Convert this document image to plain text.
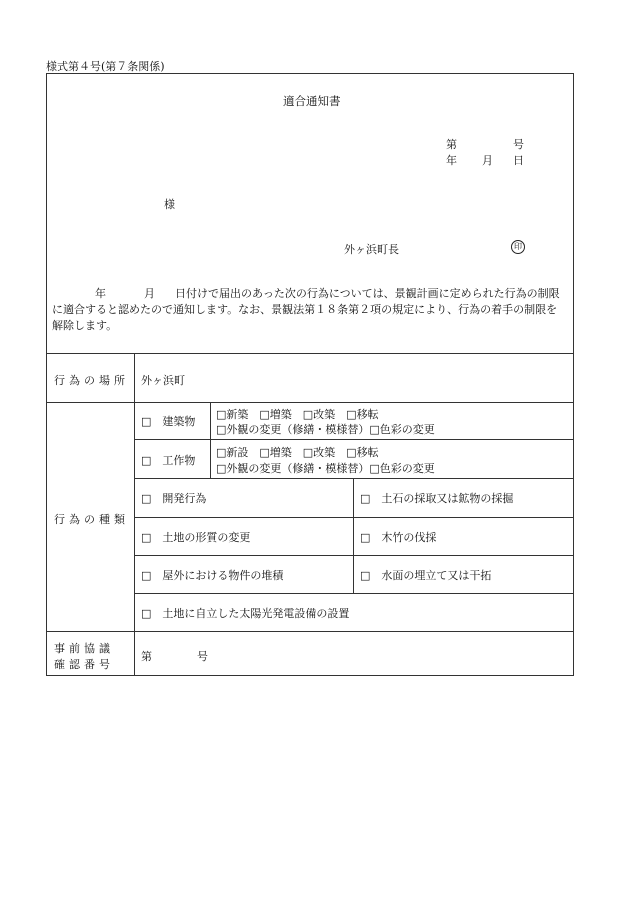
様式第４号(第７条関係)
適合通知書
第	号
年 月 日
様
外ヶ浜町長	印
年	月 日付けで届出のあった次の行為については、景観計画に定められた行為の制限
に適合すると認めたので通知します。なお、景観法第１８条第２項の規定により、行為の着手の制限を
解除します。
行為の場所 外ヶ浜町
行為の種類
□　建築物
□新築　□増築　□改築　□移転
□外観の変更（修繕・模様替）□色彩の変更
□　工作物
□新設　□増築　□改築　□移転
□外観の変更（修繕・模様替）□色彩の変更
□　開発行為	□　土石の採取又は鉱物の採掘
□　土地の形質の変更	□　木竹の伐採
□　屋外における物件の堆積	□　水面の埋立て又は干拓
□　土地に自立した太陽光発電設備の設置
事前協議
確認番号
第	号
